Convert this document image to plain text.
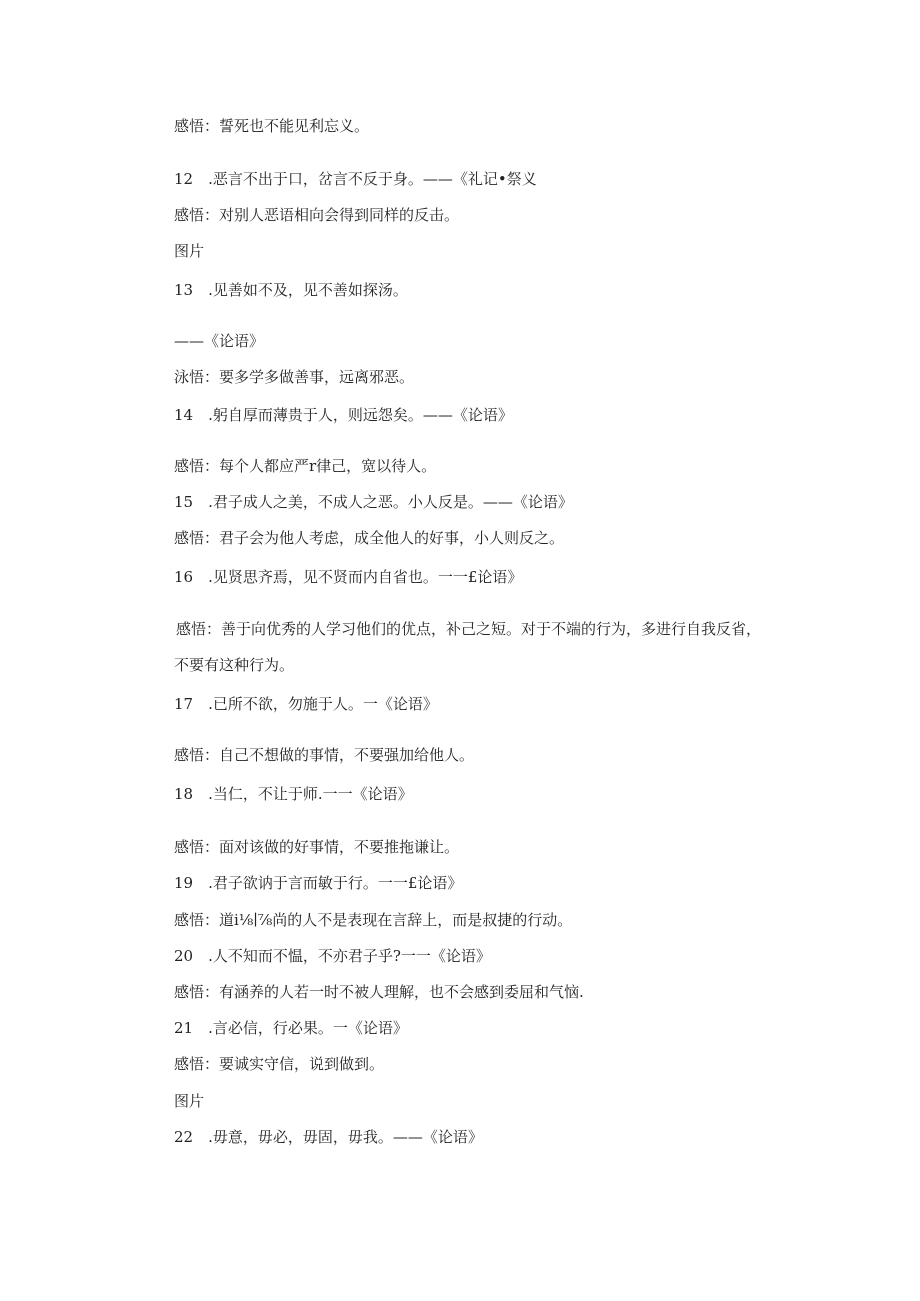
感悟：誓死也不能见利忘义。

12　.恶言不出于口，岔言不反于身。——《礼记•祭义

感悟：对别人恶语相向会得到同样的反击。

图片

13　.见善如不及，见不善如探汤。

——《论语》

泳悟：要多学多做善事，远离邪恶。

14　.躬自厚而薄贵于人，则远怨矣。——《论语》

感悟：每个人都应严r律己，宽以待人。

15　.君子成人之美，不成人之恶。小人反是。——《论语》

感悟：君子会为他人考虑，成全他人的好事，小人则反之。

16　.见贤思齐焉，见不贤而内自省也。一一£论语》

感悟：善于向优秀的人学习他们的优点，补己之短。对于不端的行为，多进行自我反省，不要有这种行为。

17　.已所不欲，勿施于人。一《论语》

感悟：自己不想做的事情，不要强加给他人。

18　.当仁，不让于师.一一《论语》

感悟：面对该做的好事情，不要推拖谦让。

19　.君子欲讷于言而敏于行。一一£论语》

感悟：道i⅛∣⅞尚的人不是表现在言辞上，而是叔捷的行动。

20　.人不知而不愠，不亦君子乎?一一《论语》

感悟：有涵养的人若一时不被人理解，也不会感到委屈和气恼.

21　.言必信，行必果。一《论语》

感悟：要诚实守信，说到做到。

图片

22　.毋意，毋必，毋固，毋我。——《论语》
